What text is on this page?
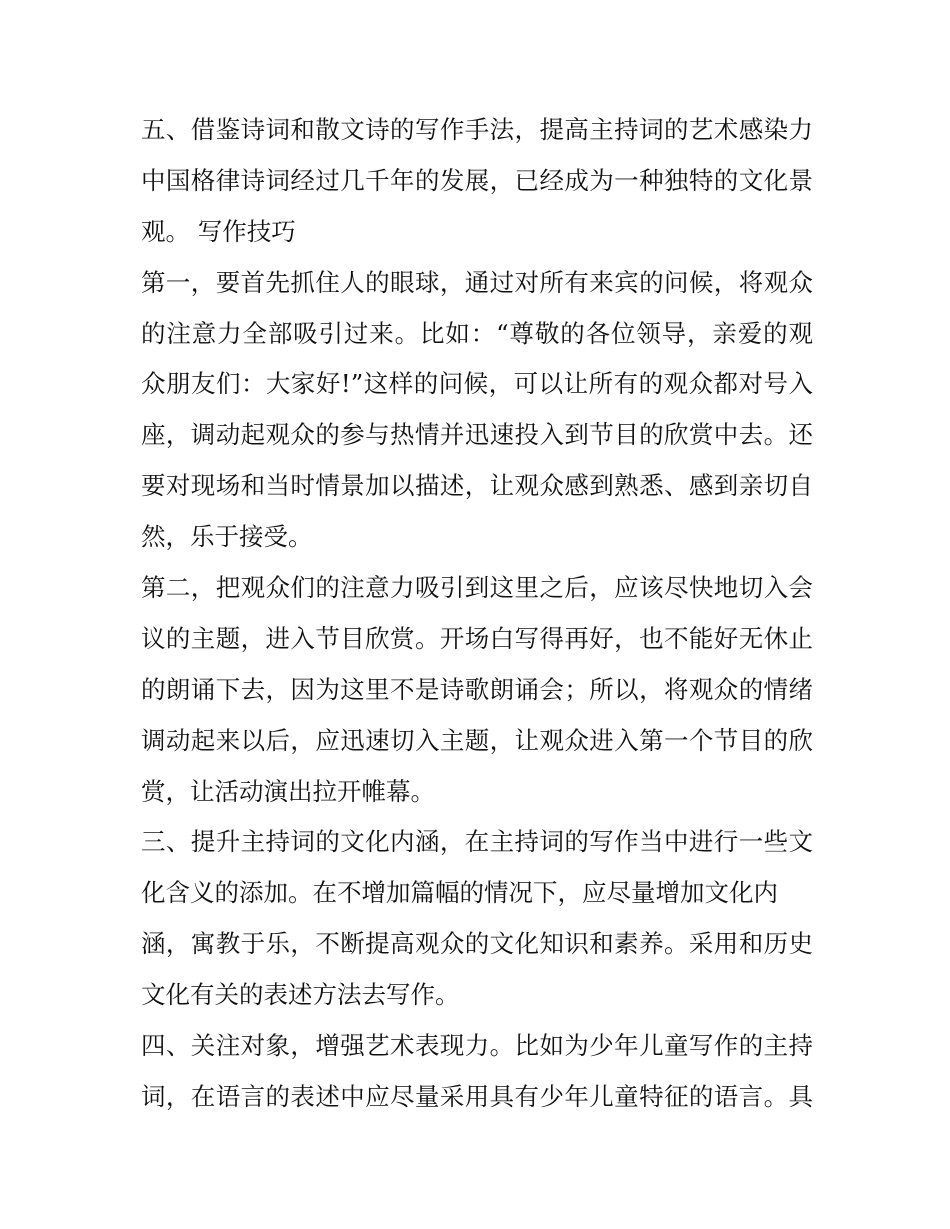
五、借鉴诗词和散文诗的写作手法，提高主持词的艺术感染力
中国格律诗词经过几千年的发展，已经成为一种独特的文化景
观。 写作技巧
第一，要首先抓住人的眼球，通过对所有来宾的问候，将观众
的注意力全部吸引过来。比如：“尊敬的各位领导，亲爱的观
众朋友们：大家好!”这样的问候，可以让所有的观众都对号入
座，调动起观众的参与热情并迅速投入到节目的欣赏中去。还
要对现场和当时情景加以描述，让观众感到熟悉、感到亲切自
然，乐于接受。
第二，把观众们的注意力吸引到这里之后，应该尽快地切入会
议的主题，进入节目欣赏。开场白写得再好，也不能好无休止
的朗诵下去，因为这里不是诗歌朗诵会；所以，将观众的情绪
调动起来以后，应迅速切入主题，让观众进入第一个节目的欣
赏，让活动演出拉开帷幕。
三、提升主持词的文化内涵，在主持词的写作当中进行一些文
化含义的添加。在不增加篇幅的情况下，应尽量增加文化内
涵，寓教于乐，不断提高观众的文化知识和素养。采用和历史
文化有关的表述方法去写作。
四、关注对象，增强艺术表现力。比如为少年儿童写作的主持
词，在语言的表述中应尽量采用具有少年儿童特征的语言。具
